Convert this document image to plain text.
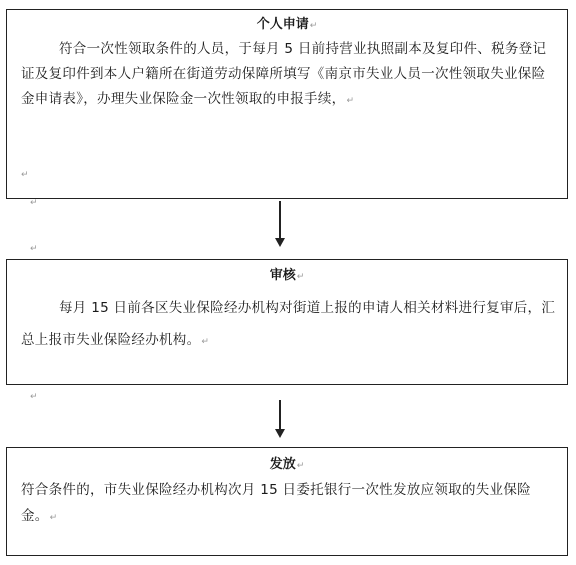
个人申请↵
符合一次性领取条件的人员，于每月 5 日前持营业执照副本及复印件、税务登记证及复印件到本人户籍所在街道劳动保障所填写《南京市失业人员一次性领取失业保险金申请表》，办理失业保险金一次性领取的申报手续，↵
↵
↵
↵
审核↵
每月 15 日前各区失业保险经办机构对街道上报的申请人相关材料进行复审后，汇总上报市失业保险经办机构。↵
↵
发放↵
符合条件的，市失业保险经办机构次月 15 日委托银行一次性发放应领取的失业保险金。↵
